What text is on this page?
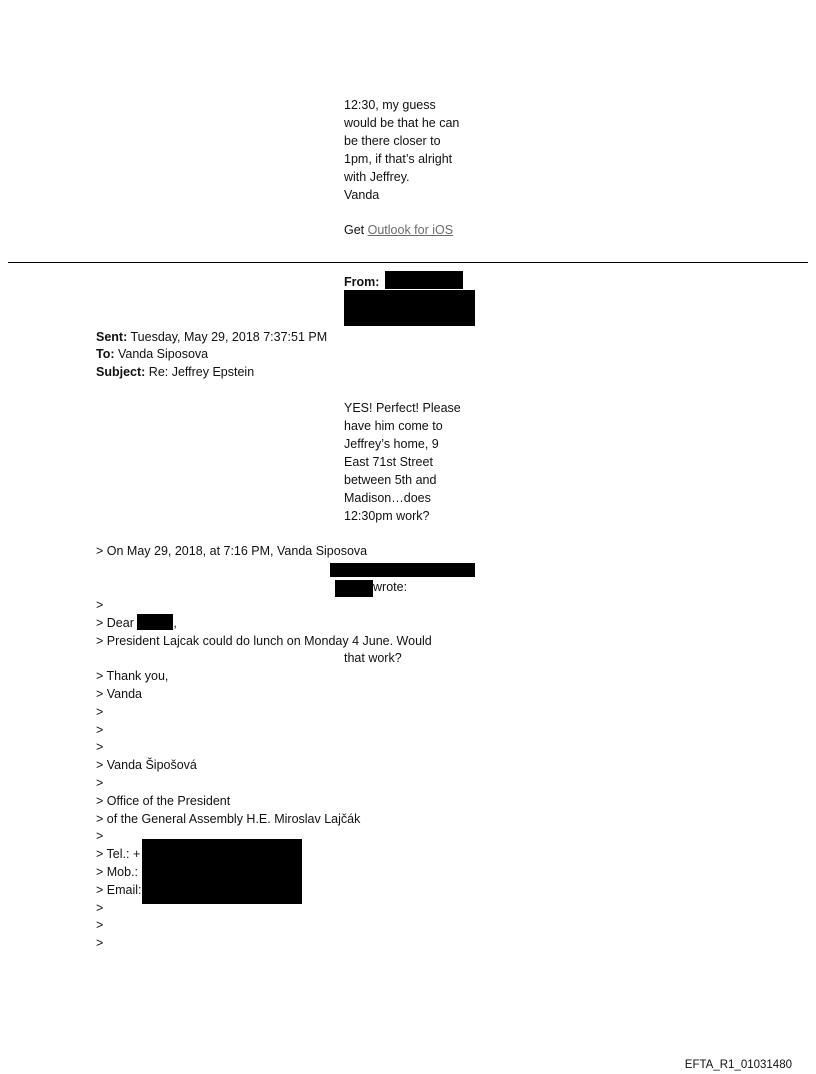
12:30, my guess
would be that he can
be there closer to
1pm, if that’s alright
with Jeffrey.
Vanda
Get Outlook for iOS
From:
Sent: Tuesday, May 29, 2018 7:37:51 PM
To: Vanda Siposova
Subject: Re: Jeffrey Epstein
YES! Perfect! Please
have him come to
Jeffrey’s home, 9
East 71st Street
between 5th and
Madison…does
12:30pm work?
> On May 29, 2018, at 7:16 PM, Vanda Siposova
wrote:
>
> Dear	,
> President Lajcak could do lunch on Monday 4 June. Would
that work?
> Thank you,
> Vanda
>
>
>
> Vanda Šipošová
>
> Office of the President
> of the General Assembly H.E. Miroslav Lajčák
>
> Tel.: +
> Mob.:
> Email:
>
>
>
EFTA_R1_01031480
